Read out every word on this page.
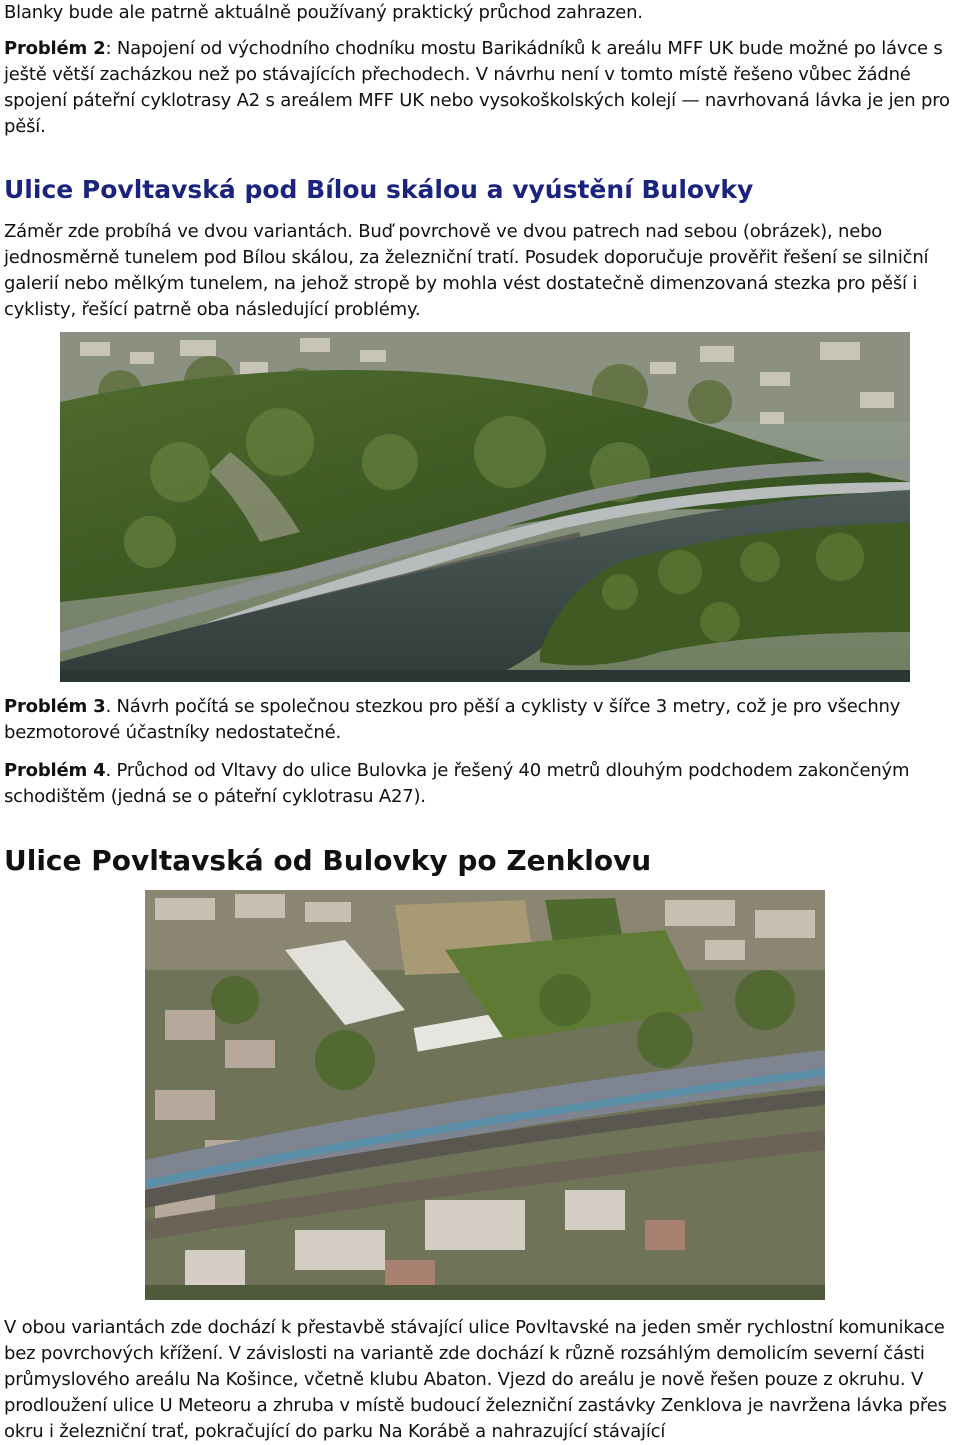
Blanky bude ale patrně aktuálně používaný praktický průchod zahrazen.

Problém 2: Napojení od východního chodníku mostu Barikádníků k areálu MFF UK bude možné po lávce s ještě větší zacházkou než po stávajících přechodech. V návrhu není v tomto místě řešeno vůbec žádné spojení páteřní cyklotrasy A2 s areálem MFF UK nebo vysokoškolských kolejí — navrhovaná lávka je jen pro pěší.

Ulice Povltavská pod Bílou skálou a vyústění Bulovky

Záměr zde probíhá ve dvou variantách. Buď povrchově ve dvou patrech nad sebou (obrázek), nebo jednosměrně tunelem pod Bílou skálou, za železniční tratí. Posudek doporučuje prověřit řešení se silniční galerií nebo mělkým tunelem, na jehož stropě by mohla vést dostatečně dimenzovaná stezka pro pěší i cyklisty, řešící patrně oba následující problémy.

Problém 3. Návrh počítá se společnou stezkou pro pěší a cyklisty v šířce 3 metry, což je pro všechny bezmotorové účastníky nedostatečné.

Problém 4. Průchod od Vltavy do ulice Bulovka je řešený 40 metrů dlouhým podchodem zakončeným schodištěm (jedná se o páteřní cyklotrasu A27).

Ulice Povltavská od Bulovky po Zenklovu

V obou variantách zde dochází k přestavbě stávající ulice Povltavské na jeden směr rychlostní komunikace bez povrchových křížení. V závislosti na variantě zde dochází k různě rozsáhlým demolicím severní části průmyslového areálu Na Košince, včetně klubu Abaton. Vjezd do areálu je nově řešen pouze z okruhu. V prodloužení ulice U Meteoru a zhruba v místě budoucí železniční zastávky Zenklova je navržena lávka přes okru i železniční trať, pokračující do parku Na Korábě a nahrazující stávající
